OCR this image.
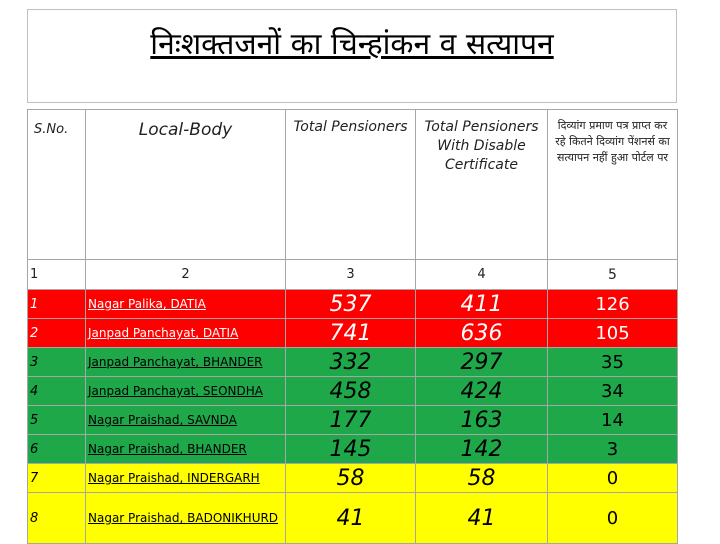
निःशक्तजनों का चिन्हांकन व सत्यापन
S.No.	Local-Body	Total Pensioners	Total Pensioners With Disable Certificate	दिव्यांग प्रमाण पत्र प्राप्त कर रहे कितने दिव्यांग पेंशनर्स का सत्यापन नहीं हुआ पोर्टल पर
1	2	3	4	5
1	Nagar Palika, DATIA	537	411	126
2	Janpad Panchayat, DATIA	741	636	105
3	Janpad Panchayat, BHANDER	332	297	35
4	Janpad Panchayat, SEONDHA	458	424	34
5	Nagar Praishad, SAVNDA	177	163	14
6	Nagar Praishad, BHANDER	145	142	3
7	Nagar Praishad, INDERGARH	58	58	0
8	Nagar Praishad, BADONIKHURD	41	41	0
